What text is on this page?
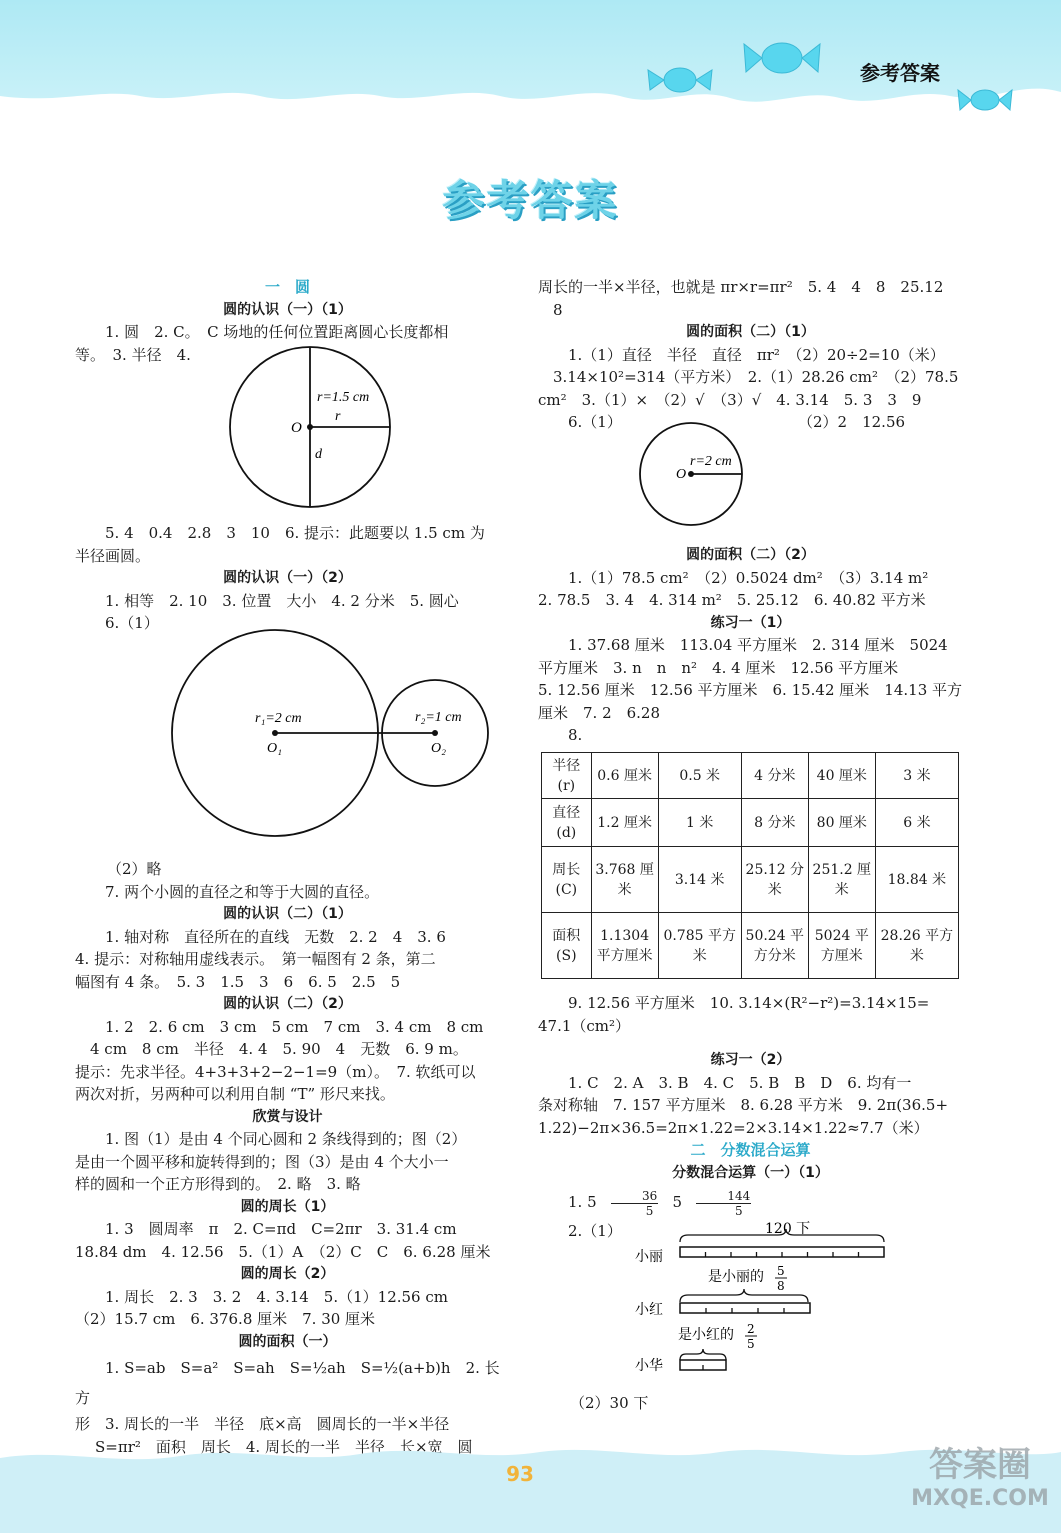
参考答案
参考答案

一　圆

圆的认识（一）（1）

1. 圆　2. C。　C 场地的任何位置距离圆心长度都相

等。　3. 半径　4.

r=1.5 cm
r
O
d

5. 4　0.4　2.8　3　10　6. 提示：此题要以 1.5 cm 为

半径画圆。

圆的认识（一）（2）

1. 相等　2. 10　3. 位置　大小　4. 2 分米　5. 圆心

6.（1）

r₁=2 cm	r₂=1 cm
O₁	O₂

（2）略

7. 两个小圆的直径之和等于大圆的直径。

圆的认识（二）（1）

1. 轴对称　直径所在的直线　无数　2. 2　4　3. 6

4. 提示：对称轴用虚线表示。　第一幅图有 2 条，第二

幅图有 4 条。　5. 3　1.5　3　6　6. 5　2.5　5

圆的认识（二）（2）

1. 2　2. 6 cm　3 cm　5 cm　7 cm　3. 4 cm　8 cm

4 cm　8 cm　半径　4. 4　5. 90　4　无数　6. 9 m。

提示：先求半径。4+3+3+2−2−1=9（m）。　7. 软纸可以

两次对折，另两种可以利用自制 “T” 形尺来找。

欣赏与设计

1. 图（1）是由 4 个同心圆和 2 条线得到的；图（2）

是由一个圆平移和旋转得到的；图（3）是由 4 个大小一

样的圆和一个正方形得到的。　2. 略　3. 略

圆的周长（1）

1. 3　圆周率　π　2. C=πd　C=2πr　3. 31.4 cm

18.84 dm　4. 12.56　5.（1）A　（2）C　C　6. 6.28 厘米

圆的周长（2）

1. 周长　2. 3　3. 2　4. 3.14　5.（1）12.56 cm

（2）15.7 cm　6. 376.8 厘米　7. 30 厘米

圆的面积（一）

1. S=ab　S=a²　S=ah　S=½ah　S=½(a+b)h　2. 长方

形　3. 周长的一半　半径　底×高　圆周长的一半×半径

S=πr²　面积　周长　4. 周长的一半　半径　长×宽　圆

周长的一半×半径，也就是 πr×r=πr²　5. 4　4　8　25.12

8

圆的面积（二）（1）

1.（1）直径　半径　直径　πr²　（2）20÷2=10（米）

3.14×10²=314（平方米）　2.（1）28.26 cm²　（2）78.5

cm²　3.（1）×　（2）√　（3）√　4. 3.14　5. 3　3　9

6.（1）	（2）2　12.56

r=2 cm
O

圆的面积（二）（2）

1.（1）78.5 cm²　（2）0.5024 dm²　（3）3.14 m²

2. 78.5　3. 4　4. 314 m²　5. 25.12　6. 40.82 平方米

练习一（1）

1. 37.68 厘米　113.04 平方厘米　2. 314 厘米　5024

平方厘米　3. n　n　n²　4. 4 厘米　12.56 平方厘米

5. 12.56 厘米　12.56 平方厘米　6. 15.42 厘米　14.13 平方

厘米　7. 2　6.28

8.

半径(r)	0.6 厘米	0.5 米	4 分米	40 厘米	3 米
直径(d)	1.2 厘米	1 米	8 分米	80 厘米	6 米
周长(C)	3.768 厘米	3.14 米	25.12 分米	251.2 厘米	18.84 米
面积(S)	1.1304 平方厘米	0.785 平方米	50.24 平方分米	5024 平方厘米	28.26 平方米

9. 12.56 平方厘米　10. 3.14×(R²−r²)=3.14×15=

47.1（cm²）

练习一（2）

1. C　2. A　3. B　4. C　5. B　B　D　6. 均有一

条对称轴　7. 157 平方厘米　8. 6.28 平方米　9. 2π(36.5+

1.22)−2π×36.5=2π×1.22=2×3.14×1.22≈7.7（米）

二　分数混合运算

分数混合运算（一）（1）

1. $5 \frac{36}{5} 5 \frac{144}{5}$

2.（1）	120 下
小丽
是小丽的 5
8
小红
是小红的 2
5
小华

（2）30 下

93	答案圈
MXQE.COM
